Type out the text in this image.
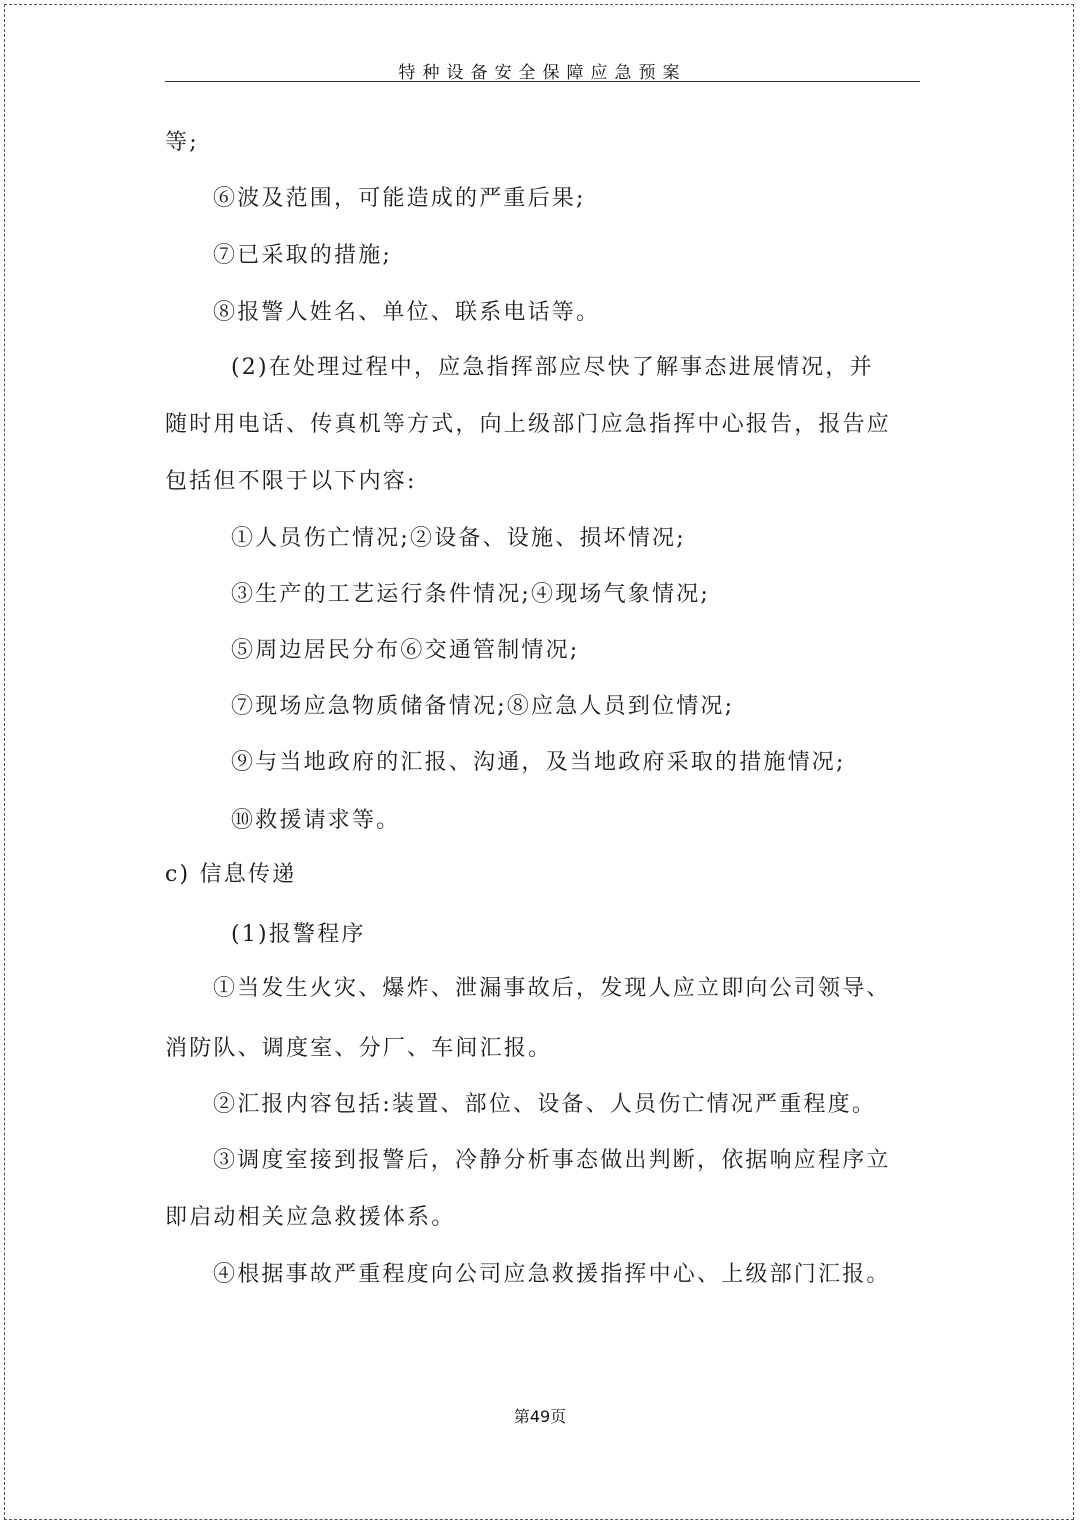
特种设备安全保障应急预案
等;
⑥波及范围，可能造成的严重后果;
⑦已采取的措施;
⑧报警人姓名、单位、联系电话等。
(2)在处理过程中，应急指挥部应尽快了解事态进展情况，并
随时用电话、传真机等方式，向上级部门应急指挥中心报告，报告应
包括但不限于以下内容:
①人员伤亡情况;②设备、设施、损坏情况;
③生产的工艺运行条件情况;④现场气象情况;
⑤周边居民分布⑥交通管制情况;
⑦现场应急物质储备情况;⑧应急人员到位情况;
⑨与当地政府的汇报、沟通，及当地政府采取的措施情况;
⑩救援请求等。
c) 信息传递
(1)报警程序
①当发生火灾、爆炸、泄漏事故后，发现人应立即向公司领导、
消防队、调度室、分厂、车间汇报。
②汇报内容包括:装置、部位、设备、人员伤亡情况严重程度。
③调度室接到报警后，冷静分析事态做出判断，依据响应程序立
即启动相关应急救援体系。
④根据事故严重程度向公司应急救援指挥中心、上级部门汇报。
第49页
